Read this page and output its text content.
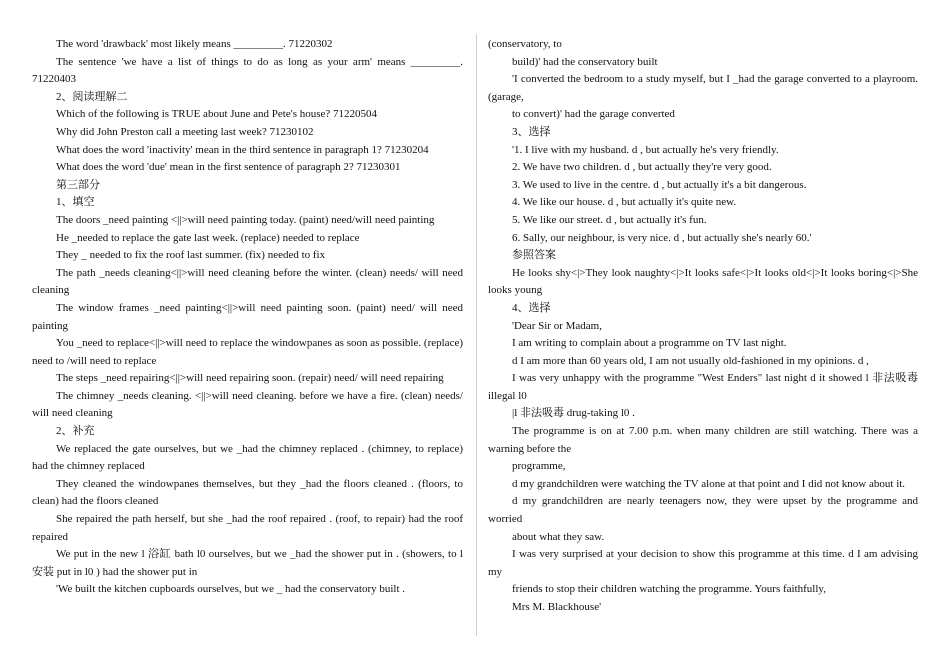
The word 'drawback' most likely means _________. 71220302

The sentence 'we have a list of things to do as long as your arm' means _________. 71220403

2、阅读理解二

Which of the following is TRUE about June and Pete's house? 71220504

Why did John Preston call a meeting last week? 71230102

What does the word 'inactivity' mean in the third sentence in paragraph 1? 71230204

What does the word 'due' mean in the first sentence of paragraph 2? 71230301

第三部分

1、填空

The doors _need painting <||>will need painting today. (paint) need/will need painting

He _needed to replace the gate last week. (replace) needed to replace

They _ needed to fix the roof last summer. (fix) needed to fix

The path _needs cleaning<||>will need cleaning before the winter. (clean) needs/ will need cleaning

The window frames _need painting<||>will need painting soon. (paint) need/ will need painting

You _need to replace<||>will need to replace the windowpanes as soon as possible. (replace) need to /will need to replace

The steps _need repairing<||>will need repairing soon. (repair) need/ will need repairing

The chimney _needs cleaning. <||>will need cleaning. before we have a fire. (clean) needs/ will need cleaning

2、补充

We replaced the gate ourselves, but we _had the chimney replaced . (chimney, to replace) had the chimney replaced

They cleaned the windowpanes themselves, but they _had the floors cleaned . (floors, to clean) had the floors cleaned

She repaired the path herself, but she _had the roof repaired . (roof, to repair) had the roof repaired

We put in the new l 浴缸 bath l0 ourselves, but we _had the shower put in . (showers, to l 安装 put in l0 ) had the shower put in

'We built the kitchen cupboards ourselves, but we _ had the conservatory built .

(conservatory, to

build)' had the conservatory built

'I converted the bedroom to a study myself, but I _had the garage converted to a playroom. (garage,

to convert)' had the garage converted

3、选择

'1. I live with my husband. d , but actually he's very friendly.

2. We have two children. d , but actually they're very good.

3. We used to live in the centre. d , but actually it's a bit dangerous.

4. We like our house. d , but actually it's quite new.

5. We like our street. d , but actually it's fun.

6. Sally, our neighbour, is very nice. d , but actually she's nearly 60.'

参照答案

He looks shy<|>They look naughty<|>It looks safe<|>It looks old<|>It looks boring<|>She looks young

4、选择

'Dear Sir or Madam,

I am writing to complain about a programme on TV last night.

d I am more than 60 years old, I am not usually old-fashioned in my opinions. d ,

I was very unhappy with the programme "West Enders" last night d it showed l 非法吸毒 illegal l0

|l 非法吸毒 drug-taking l0 .

The programme is on at 7.00 p.m. when many children are still watching. There was a warning before the

programme,

d my grandchildren were watching the TV alone at that point and I did not know about it.

d my grandchildren are nearly teenagers now, they were upset by the programme and worried

about what they saw.

I was very surprised at your decision to show this programme at this time. d I am advising my

friends to stop their children watching the programme. Yours faithfully,

Mrs M. Blackhouse'
